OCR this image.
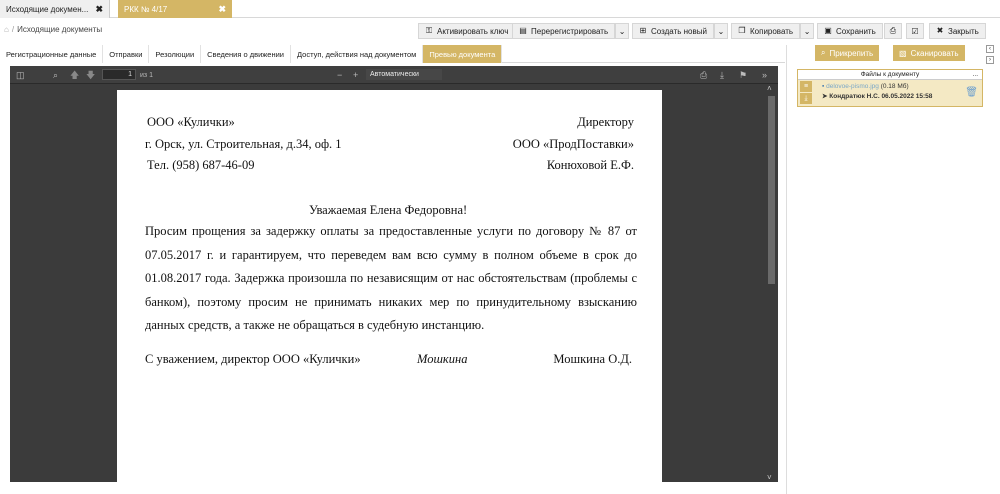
Исходящие докумен... ✖	РКК № 4/17	✖
⌂ / Исходящие документы	⚿ Активировать ключ ▤ Перерегистрировать ⌄ ⊞ Создать новый ⌄ ❐ Копировать ⌄ ▣ Сохранить ⎙ ☑ ✖ Закрыть
Регистрационные данные	Отправки	Резолюции	Сведения о движении	Доступ, действия над документом	Превью документа
◫	⌕ 🡅 🡇	1	из 1	− +	Автоматически	⎙ ⤓ ⚑ »
˄
˅
ООО «Кулички»
г. Орск, ул. Строительная, д.34, оф. 1
Тел. (958) 687-46-09
Директору
ООО «ПродПоставки»
Конюховой Е.Ф.
Уважаемая Елена Федоровна!
Просим прощения за задержку оплаты за предоставленные услуги по договору № 87 от 07.05.2017 г. и гарантируем, что переведем вам всю сумму в полном объеме в срок до 01.08.2017 года. Задержка произошла по независящим от нас обстоятельствам (проблемы с банком), поэтому просим не принимать никаких мер по принудительному взысканию данных средств, а также не обращаться в судебную инстанцию.
С уважением, директор ООО «Кулички»	Мошкина	Мошкина О.Д.
⌕ Прикрепить	▧ Сканировать
Файлы к документу	...
≡
⤓
▪ delovoe-pismo.jpg (0.18 Мб)
➤ Кондратюк Н.С. 06.05.2022 15:58	🗑
‹
›
